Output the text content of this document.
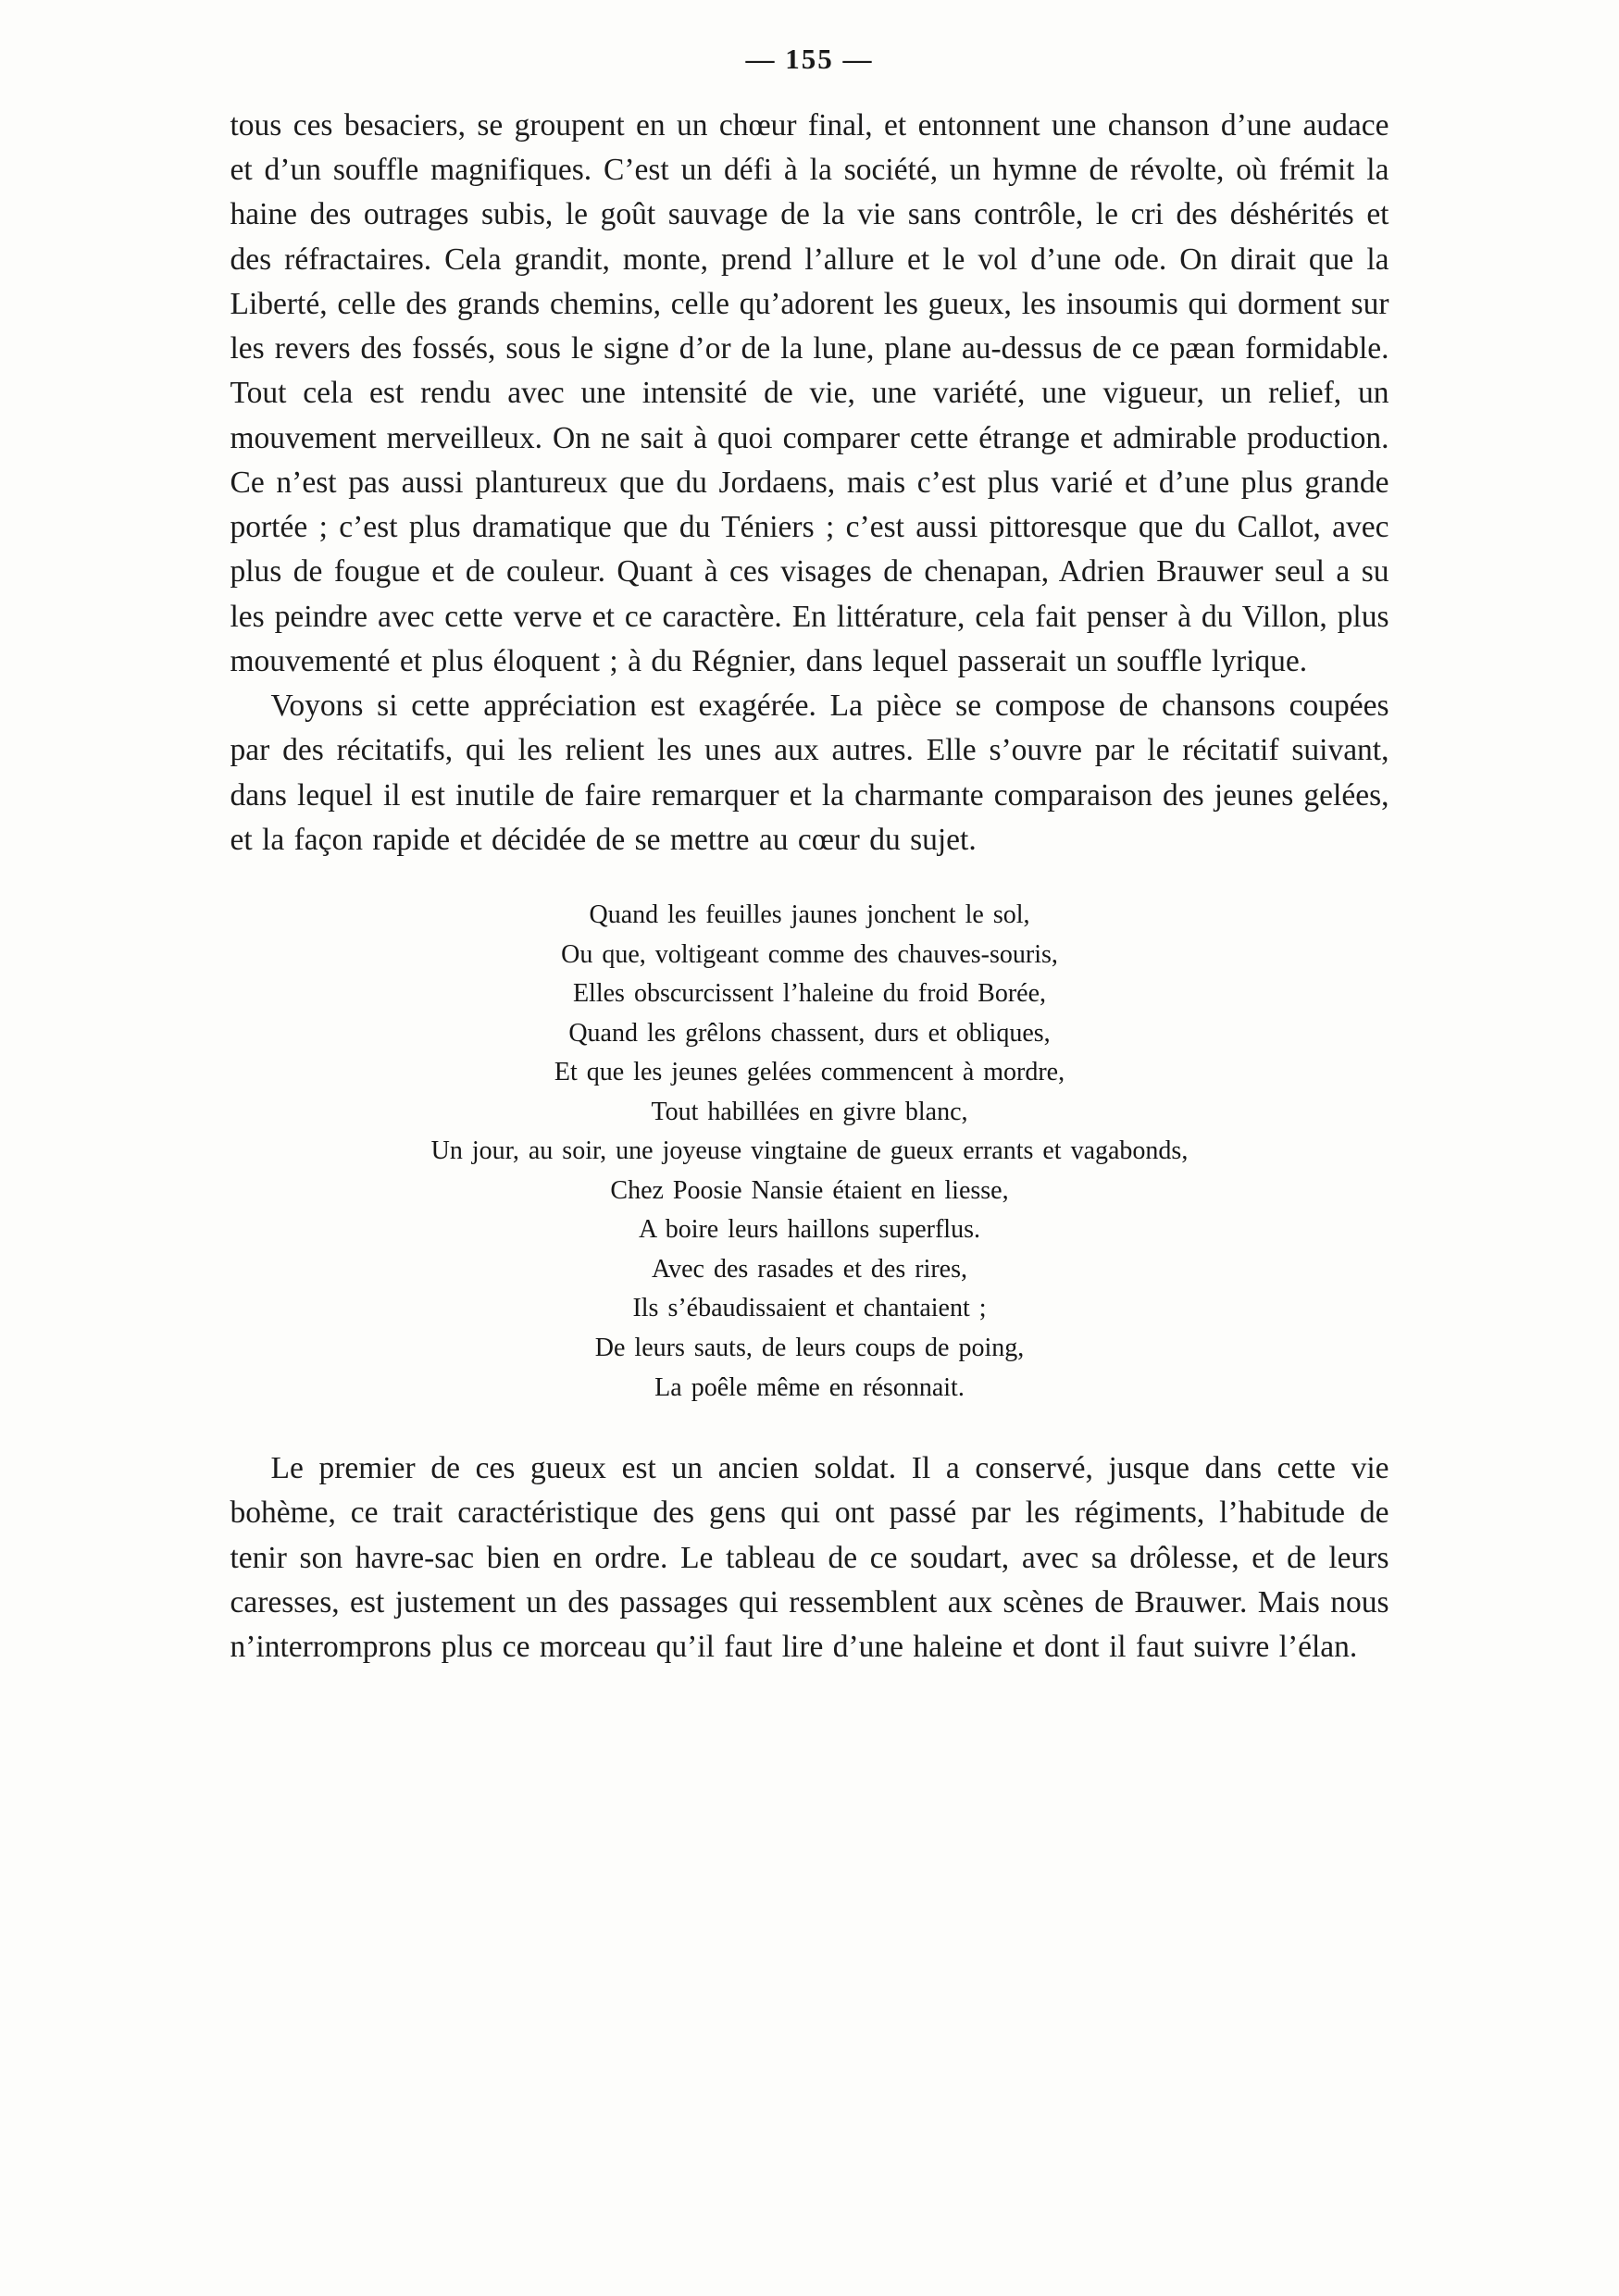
— 155 —

tous ces besaciers, se groupent en un chœur final, et entonnent une chanson d’une audace et d’un souffle magnifiques. C’est un défi à la société, un hymne de révolte, où frémit la haine des outrages subis, le goût sauvage de la vie sans contrôle, le cri des déshérités et des réfractaires. Cela grandit, monte, prend l’allure et le vol d’une ode. On dirait que la Liberté, celle des grands chemins, celle qu’adorent les gueux, les insoumis qui dorment sur les revers des fossés, sous le signe d’or de la lune, plane au-dessus de ce pæan formidable. Tout cela est rendu avec une intensité de vie, une variété, une vigueur, un relief, un mouvement merveilleux. On ne sait à quoi comparer cette étrange et admirable production. Ce n’est pas aussi plantureux que du Jordaens, mais c’est plus varié et d’une plus grande portée ; c’est plus dramatique que du Téniers ; c’est aussi pittoresque que du Callot, avec plus de fougue et de couleur. Quant à ces visages de chenapan, Adrien Brauwer seul a su les peindre avec cette verve et ce caractère. En littérature, cela fait penser à du Villon, plus mouvementé et plus éloquent ; à du Régnier, dans lequel passerait un souffle lyrique.

Voyons si cette appréciation est exagérée. La pièce se compose de chansons coupées par des récitatifs, qui les relient les unes aux autres. Elle s’ouvre par le récitatif suivant, dans lequel il est inutile de faire remarquer et la charmante comparaison des jeunes gelées, et la façon rapide et décidée de se mettre au cœur du sujet.

Quand les feuilles jaunes jonchent le sol,
Ou que, voltigeant comme des chauves-souris,
Elles obscurcissent l’haleine du froid Borée,
Quand les grêlons chassent, durs et obliques,
Et que les jeunes gelées commencent à mordre,
Tout habillées en givre blanc,
Un jour, au soir, une joyeuse vingtaine de gueux errants et vagabonds,
Chez Poosie Nansie étaient en liesse,
A boire leurs haillons superflus.
Avec des rasades et des rires,
Ils s’ébaudissaient et chantaient ;
De leurs sauts, de leurs coups de poing,
La poêle même en résonnait.

Le premier de ces gueux est un ancien soldat. Il a conservé, jusque dans cette vie bohème, ce trait caractéristique des gens qui ont passé par les régiments, l’habitude de tenir son havre-sac bien en ordre. Le tableau de ce soudart, avec sa drôlesse, et de leurs caresses, est justement un des passages qui ressemblent aux scènes de Brauwer. Mais nous n’interromprons plus ce morceau qu’il faut lire d’une haleine et dont il faut suivre l’élan.
